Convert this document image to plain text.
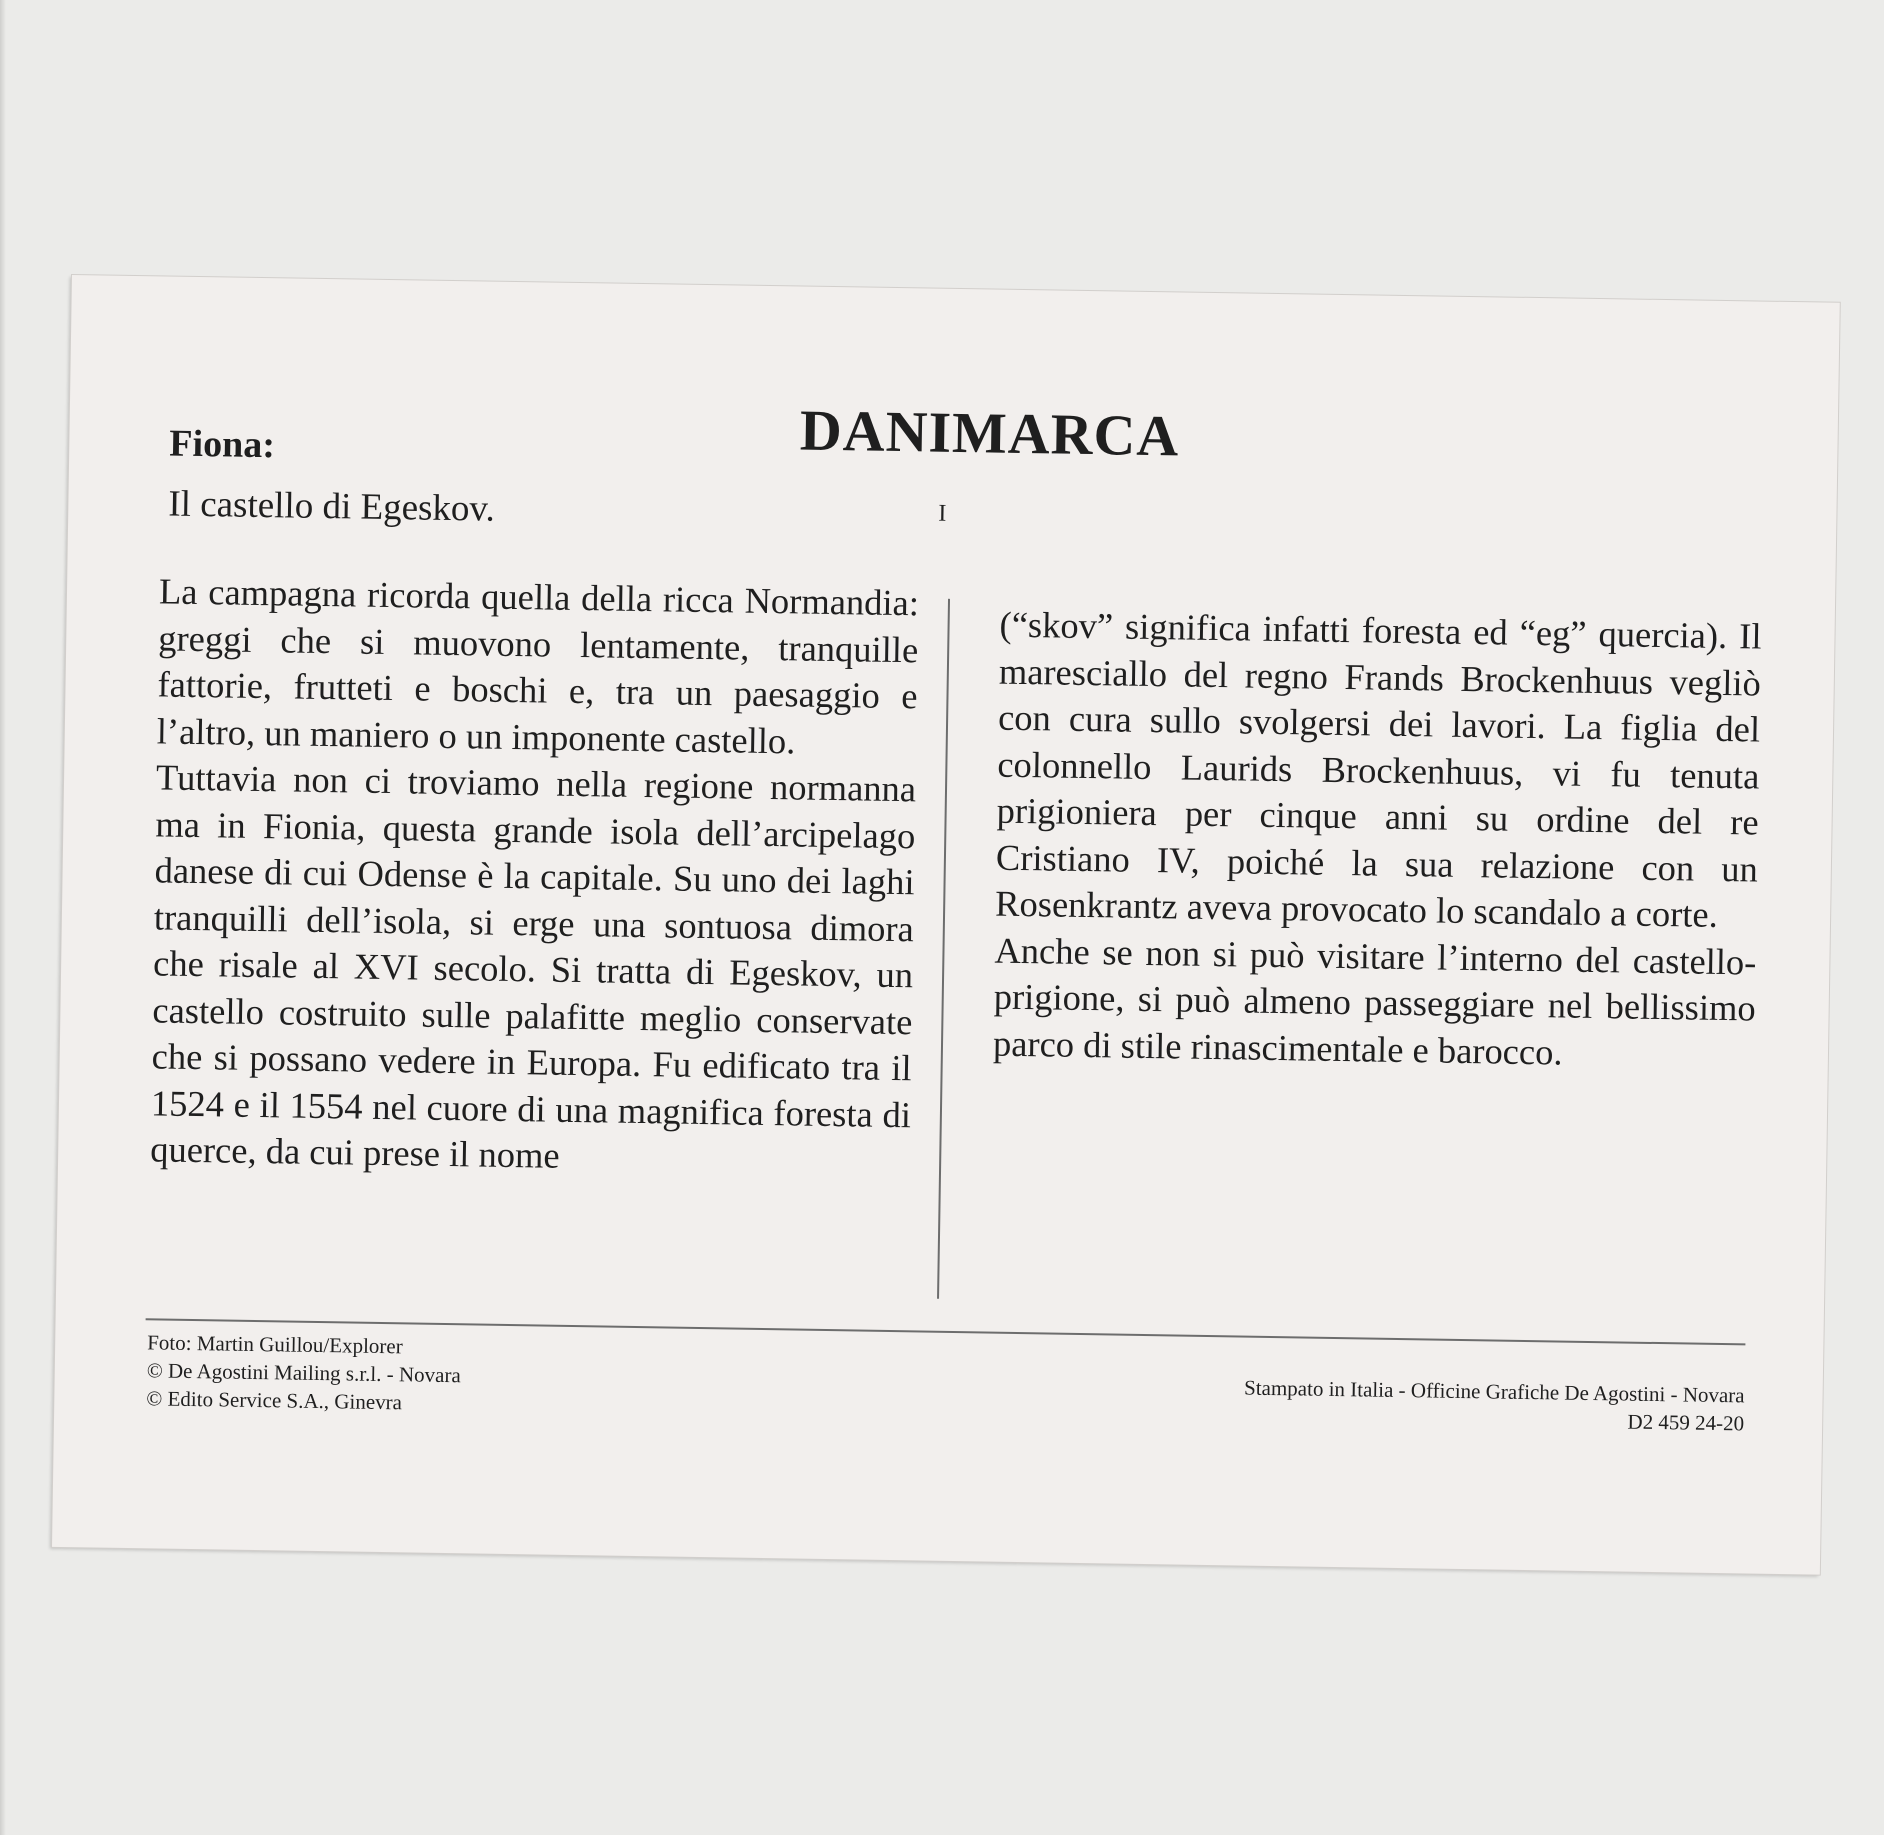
DANIMARCA
Fiona:

Il castello di Egeskov.	I

La campagna ricorda quella della ricca Normandia: greggi che si muovono lentamente, tranquille fattorie, frutteti e boschi e, tra un paesaggio e l’altro, un maniero o un imponente castello.

Tuttavia non ci troviamo nella regione normanna ma in Fionia, questa grande isola dell’arcipelago danese di cui Odense è la capitale. Su uno dei laghi tranquilli dell’isola, si erge una sontuosa dimora che risale al XVI secolo. Si tratta di Egeskov, un castello costruito sulle palafitte meglio conservate che si possano vedere in Europa. Fu edificato tra il 1524 e il 1554 nel cuore di una magnifica foresta di querce, da cui prese il nome

(“skov” significa infatti foresta ed “eg” quercia). Il maresciallo del regno Frands Brockenhuus vegliò con cura sullo svolgersi dei lavori. La figlia del colonnello Laurids Brockenhuus, vi fu tenuta prigioniera per cinque anni su ordine del re Cristiano IV, poiché la sua relazione con un Rosenkrantz aveva provocato lo scandalo a corte.

Anche se non si può visitare l’interno del castello-prigione, si può almeno passeggiare nel bellissimo parco di stile rinascimentale e barocco.

Foto: Martin Guillou/Explorer
© De Agostini Mailing s.r.l. - Novara
© Edito Service S.A., Ginevra	Stampato in Italia - Officine Grafiche De Agostini - Novara
D2 459 24-20
